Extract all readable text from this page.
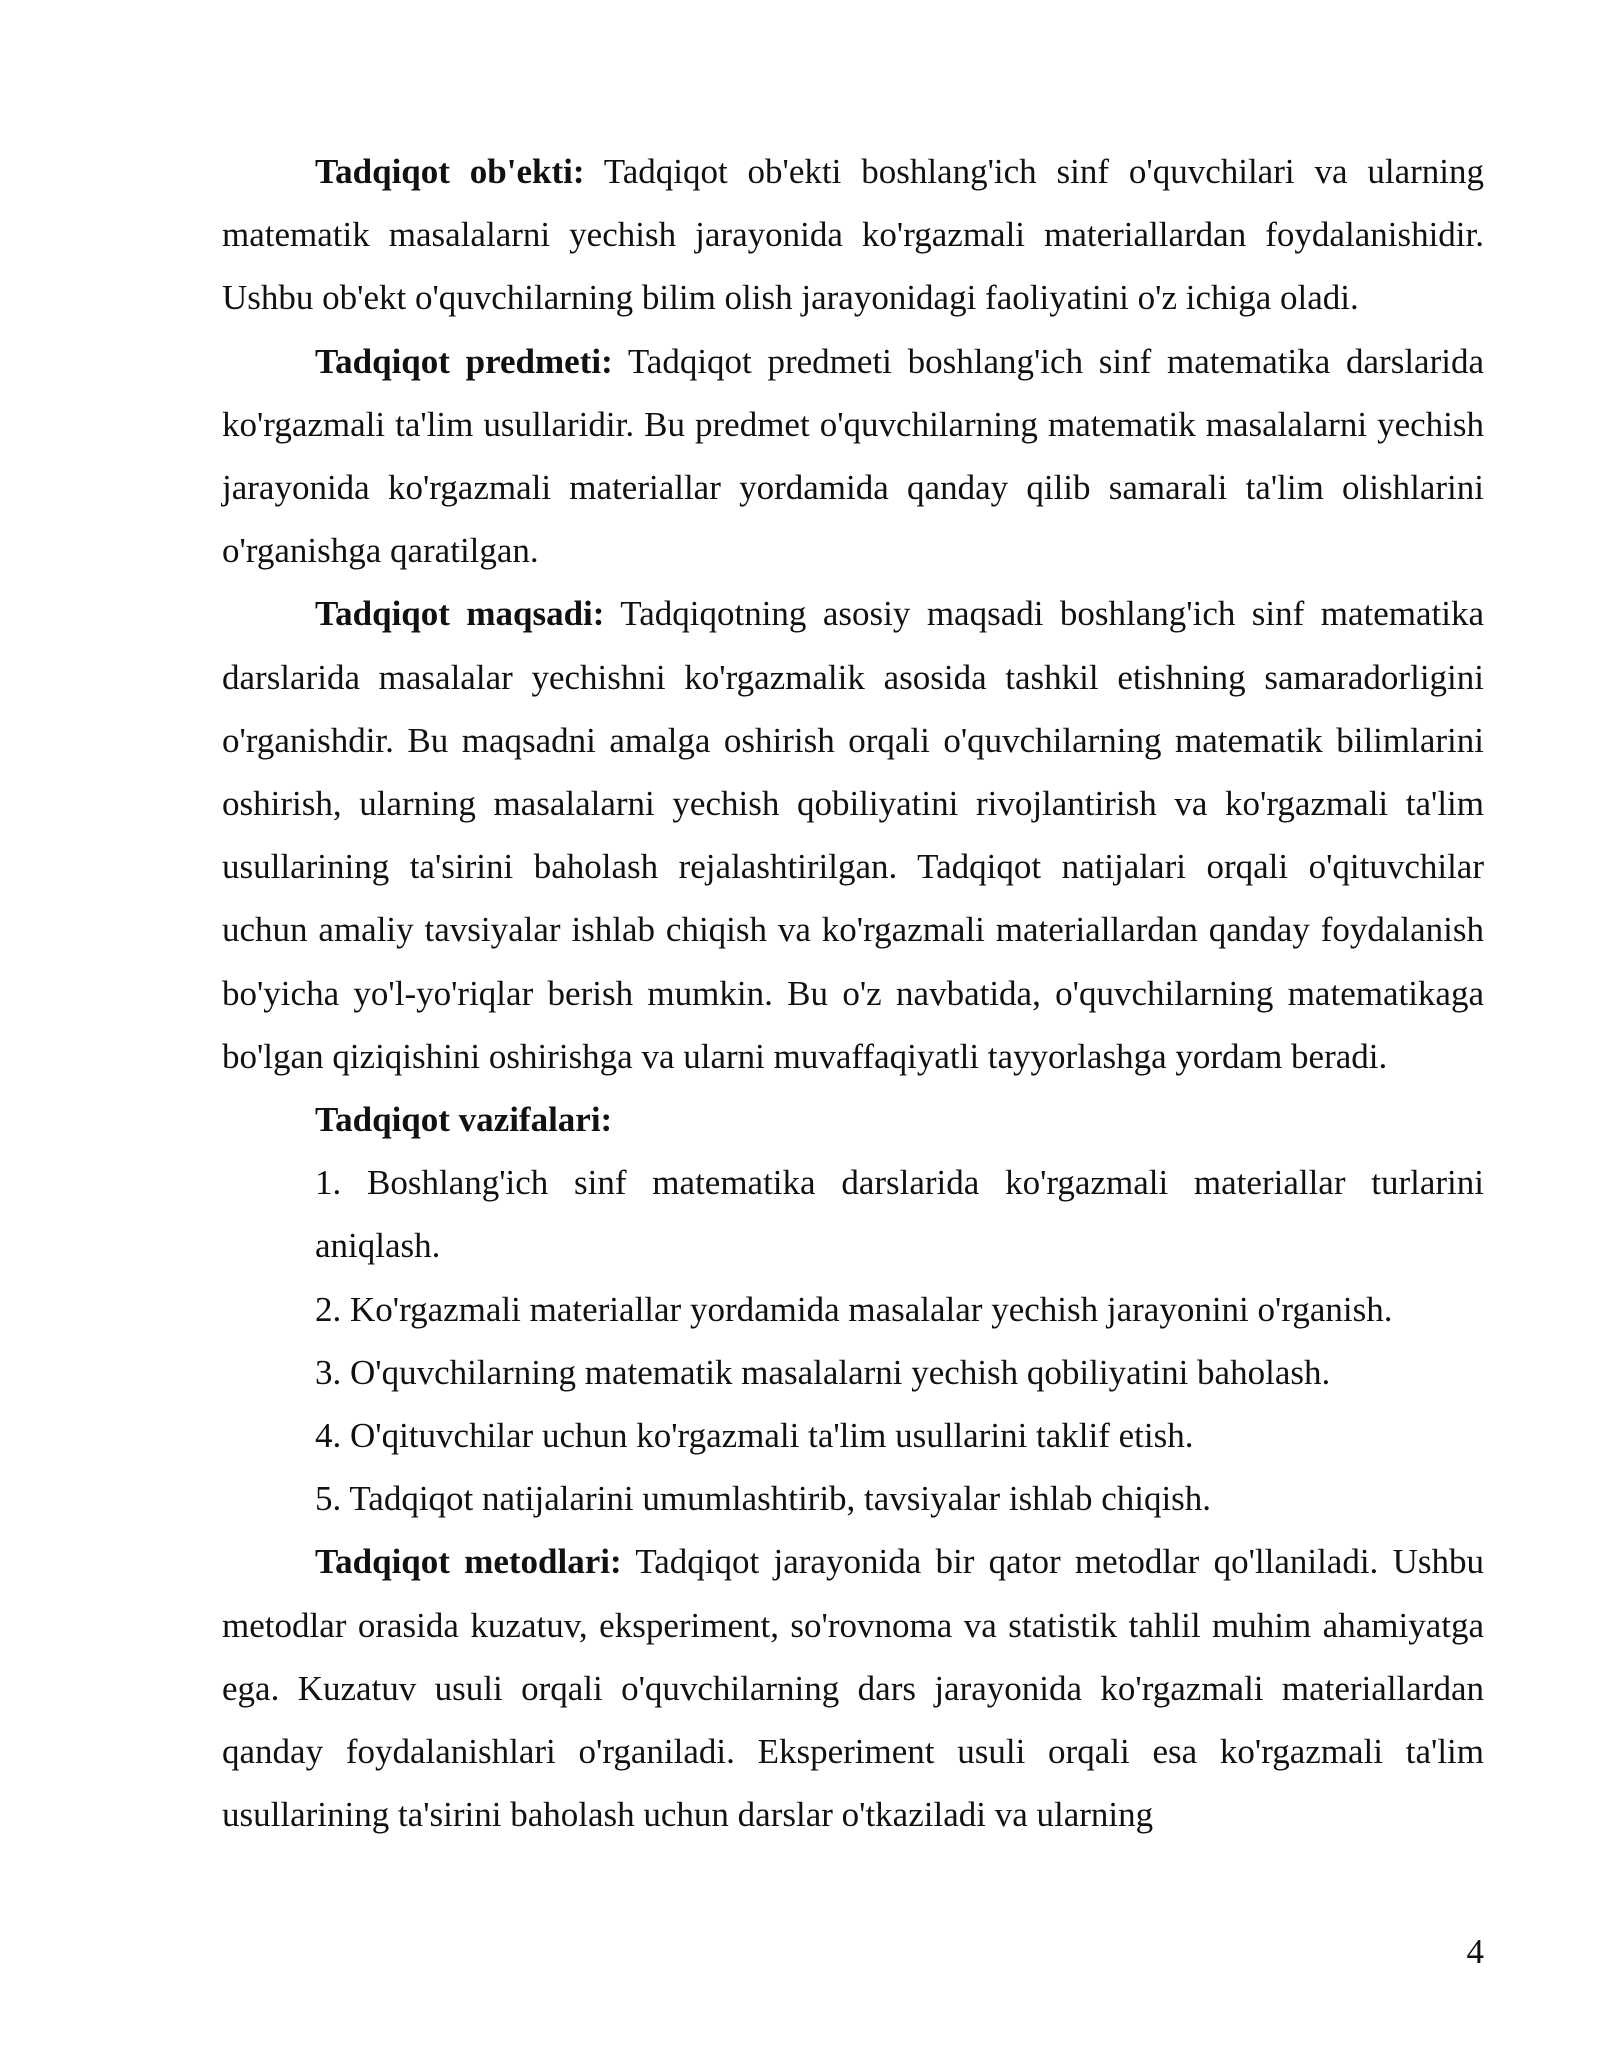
Tadqiqot ob'ekti: Tadqiqot ob'ekti boshlang'ich sinf o'quvchilari va ularning matematik masalalarni yechish jarayonida ko'rgazmali materiallardan foydalanishidir. Ushbu ob'ekt o'quvchilarning bilim olish jarayonidagi faoliyatini o'z ichiga oladi.

Tadqiqot predmeti: Tadqiqot predmeti boshlang'ich sinf matematika darslarida ko'rgazmali ta'lim usullaridir. Bu predmet o'quvchilarning matematik masalalarni yechish jarayonida ko'rgazmali materiallar yordamida qanday qilib samarali ta'lim olishlarini o'rganishga qaratilgan.

Tadqiqot maqsadi: Tadqiqotning asosiy maqsadi boshlang'ich sinf matematika darslarida masalalar yechishni ko'rgazmalik asosida tashkil etishning samaradorligini o'rganishdir. Bu maqsadni amalga oshirish orqali o'quvchilarning matematik bilimlarini oshirish, ularning masalalarni yechish qobiliyatini rivojlantirish va ko'rgazmali ta'lim usullarining ta'sirini baholash rejalashtirilgan. Tadqiqot natijalari orqali o'qituvchilar uchun amaliy tavsiyalar ishlab chiqish va ko'rgazmali materiallardan qanday foydalanish bo'yicha yo'l-yo'riqlar berish mumkin. Bu o'z navbatida, o'quvchilarning matematikaga bo'lgan qiziqishini oshirishga va ularni muvaffaqiyatli tayyorlashga yordam beradi.

Tadqiqot vazifalari:

1. Boshlang'ich sinf matematika darslarida ko'rgazmali materiallar turlarini aniqlash.
2. Ko'rgazmali materiallar yordamida masalalar yechish jarayonini o'rganish.
3. O'quvchilarning matematik masalalarni yechish qobiliyatini baholash.
4. O'qituvchilar uchun ko'rgazmali ta'lim usullarini taklif etish.
5. Tadqiqot natijalarini umumlashtirib, tavsiyalar ishlab chiqish.

Tadqiqot metodlari: Tadqiqot jarayonida bir qator metodlar qo'llaniladi. Ushbu metodlar orasida kuzatuv, eksperiment, so'rovnoma va statistik tahlil muhim ahamiyatga ega. Kuzatuv usuli orqali o'quvchilarning dars jarayonida ko'rgazmali materiallardan qanday foydalanishlari o'rganiladi. Eksperiment usuli orqali esa ko'rgazmali ta'lim usullarining ta'sirini baholash uchun darslar o'tkaziladi va ularning

4
